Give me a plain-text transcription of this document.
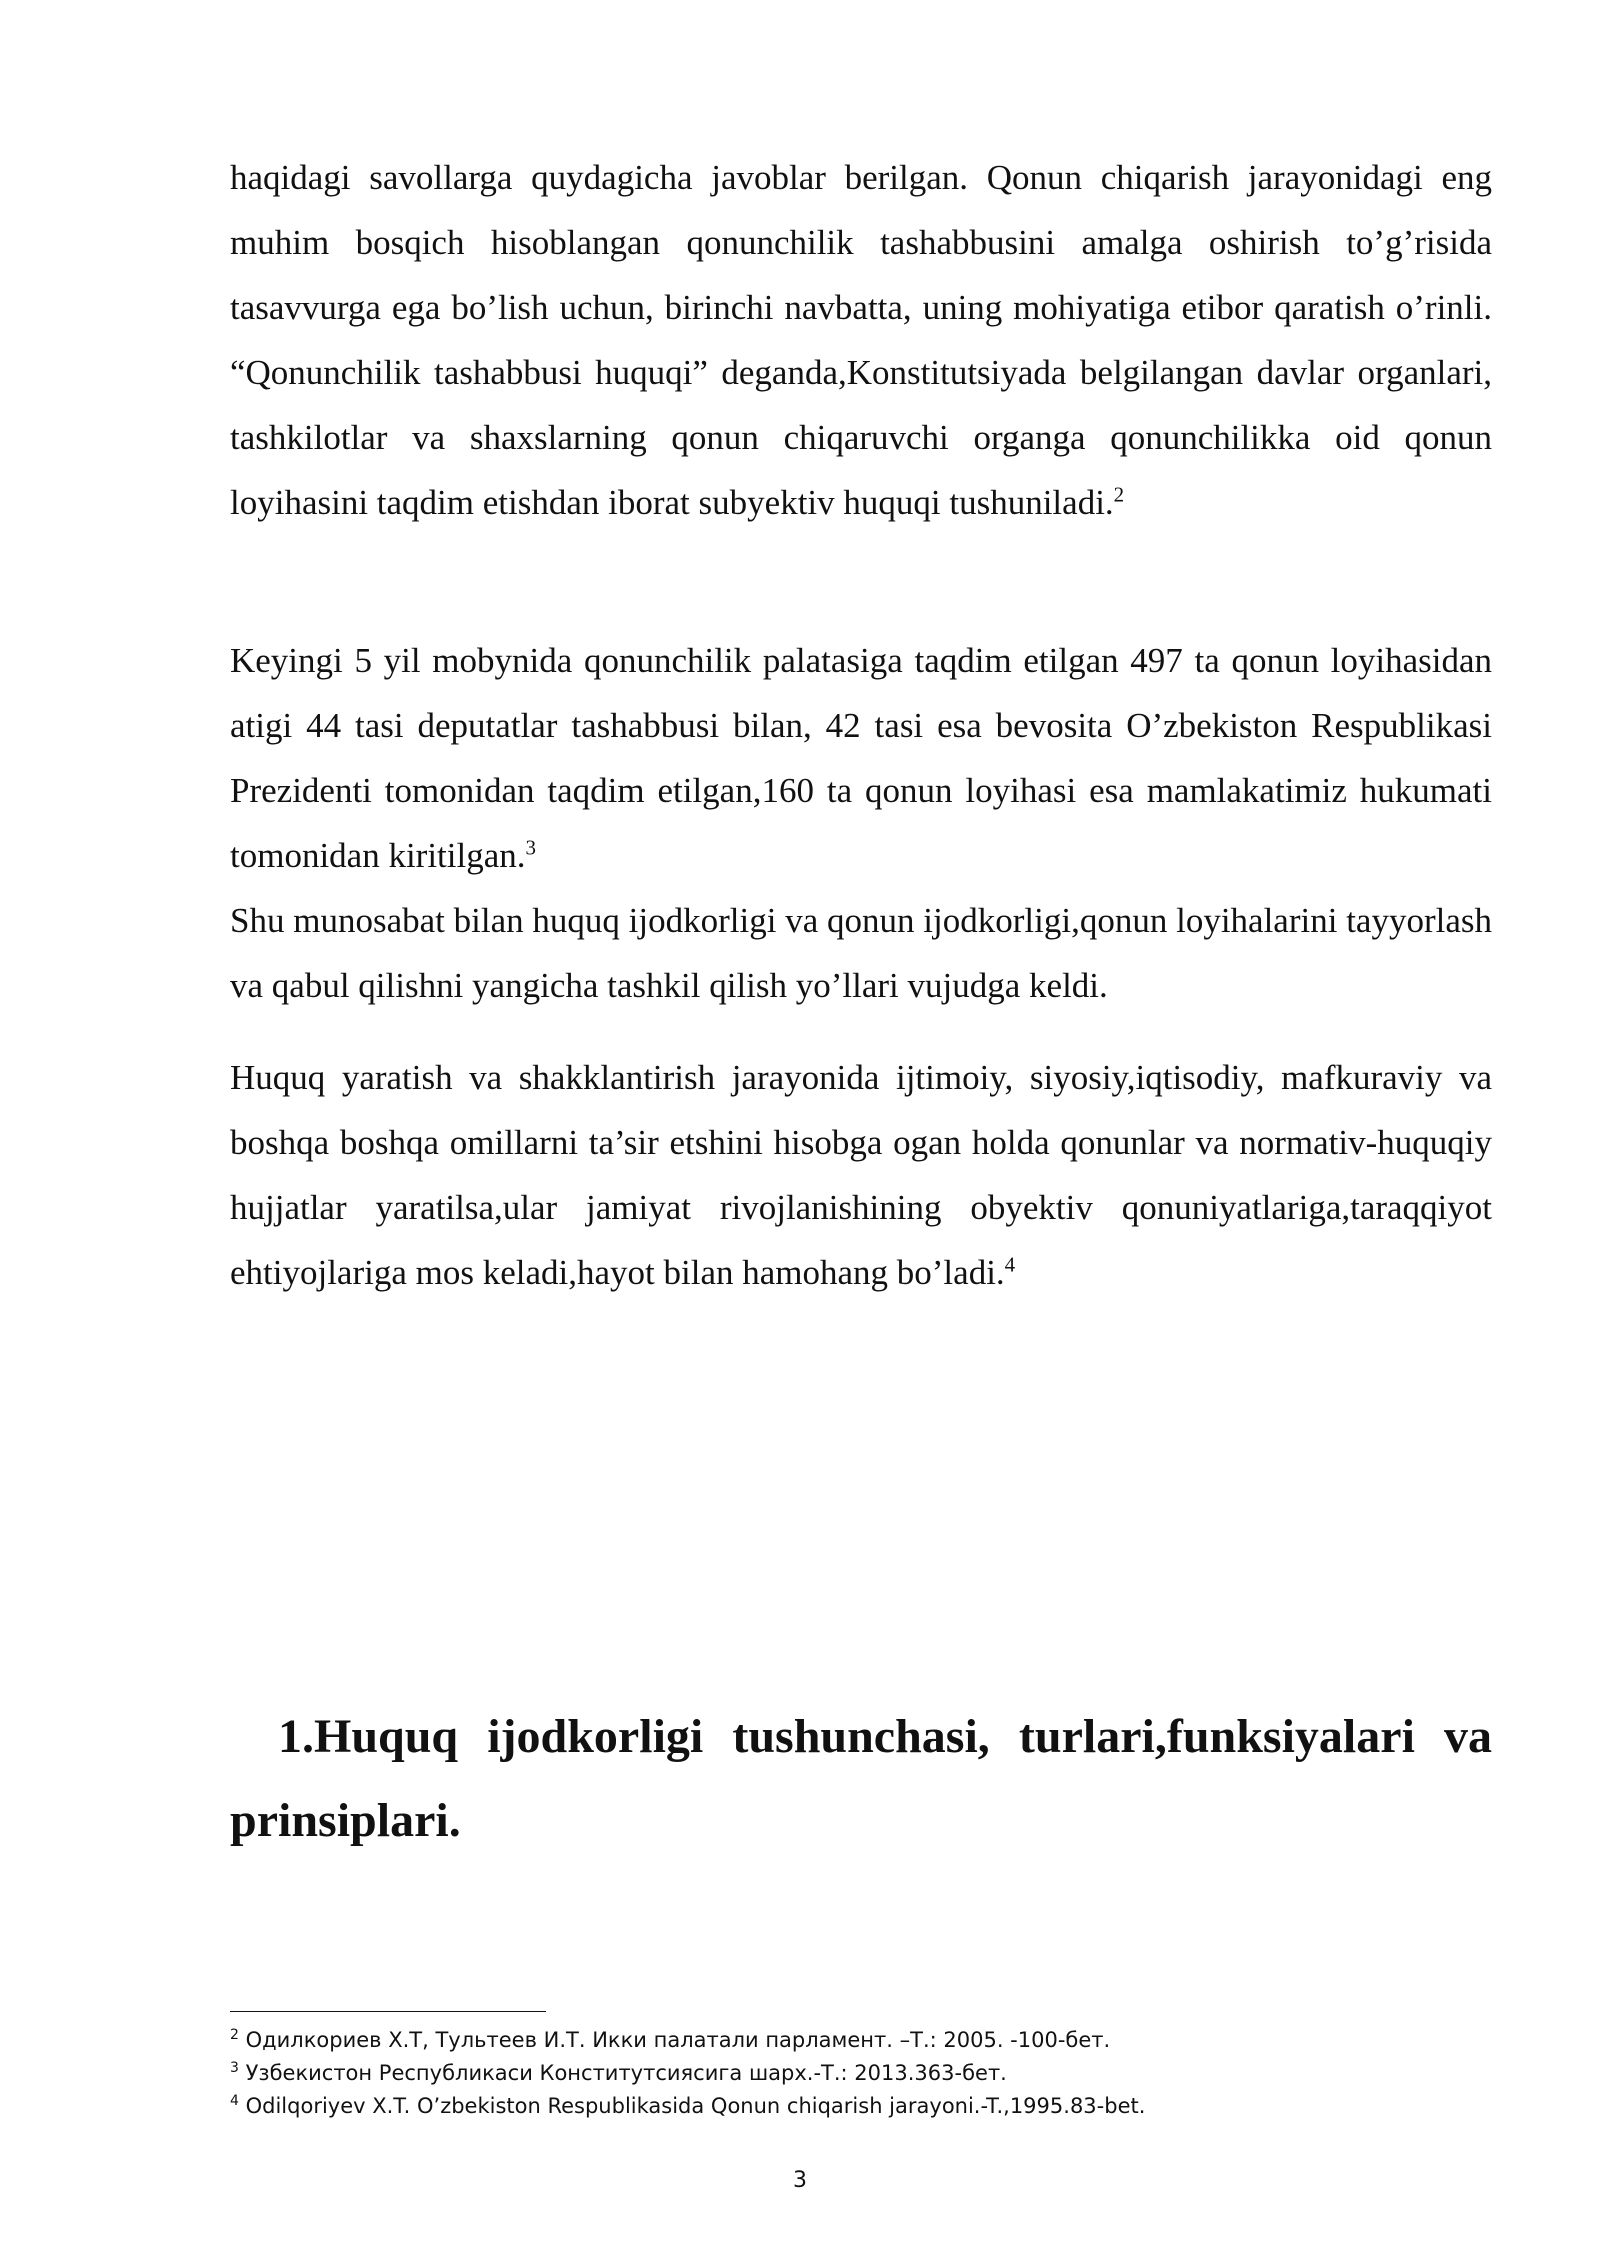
haqidagi savollarga quydagicha javoblar berilgan. Qonun chiqarish jarayonidagi eng muhim bosqich hisoblangan qonunchilik tashabbusini amalga oshirish to’g’risida tasavvurga ega bo’lish uchun, birinchi navbatta, uning mohiyatiga etibor qaratish o’rinli. “Qonunchilik tashabbusi huquqi” deganda,Konstitutsiyada belgilangan davlar organlari, tashkilotlar va shaxslarning qonun chiqaruvchi organga qonunchilikka oid qonun loyihasini taqdim etishdan iborat subyektiv huquqi tushuniladi.$^2$

Keyingi 5 yil mobynida qonunchilik palatasiga taqdim etilgan 497 ta qonun loyihasidan atigi 44 tasi deputatlar tashabbusi bilan, 42 tasi esa bevosita O’zbekiston Respublikasi Prezidenti tomonidan taqdim etilgan,160 ta qonun loyihasi esa mamlakatimiz hukumati tomonidan kiritilgan.$^3$
Shu munosabat bilan huquq ijodkorligi va qonun ijodkorligi,qonun loyihalarini tayyorlash va qabul qilishni yangicha tashkil qilish yo’llari vujudga keldi.

Huquq yaratish va shakklantirish jarayonida ijtimoiy, siyosiy,iqtisodiy, mafkuraviy va boshqa boshqa omillarni ta’sir etshini hisobga ogan holda qonunlar va normativ-huquqiy hujjatlar yaratilsa,ular jamiyat rivojlanishining obyektiv qonuniyatlariga,taraqqiyot ehtiyojlariga mos keladi,hayot bilan hamohang bo’ladi.$^4$

1.Huquq ijodkorligi tushunchasi, turlari,funksiyalari va prinsiplari.

$^2$ Одилкориев Х.Т, Тультеев И.Т. Икки палатали парламент. –Т.: 2005. -100-бет.

$^3$ Узбекистон Республикаси Конститутсиясига шарх.-Т.: 2013.363-бет.

$^4$ Odilqoriyev X.T. O’zbekiston Respublikasida Qonun chiqarish jarayoni.-T.,1995.83-bet.

3
